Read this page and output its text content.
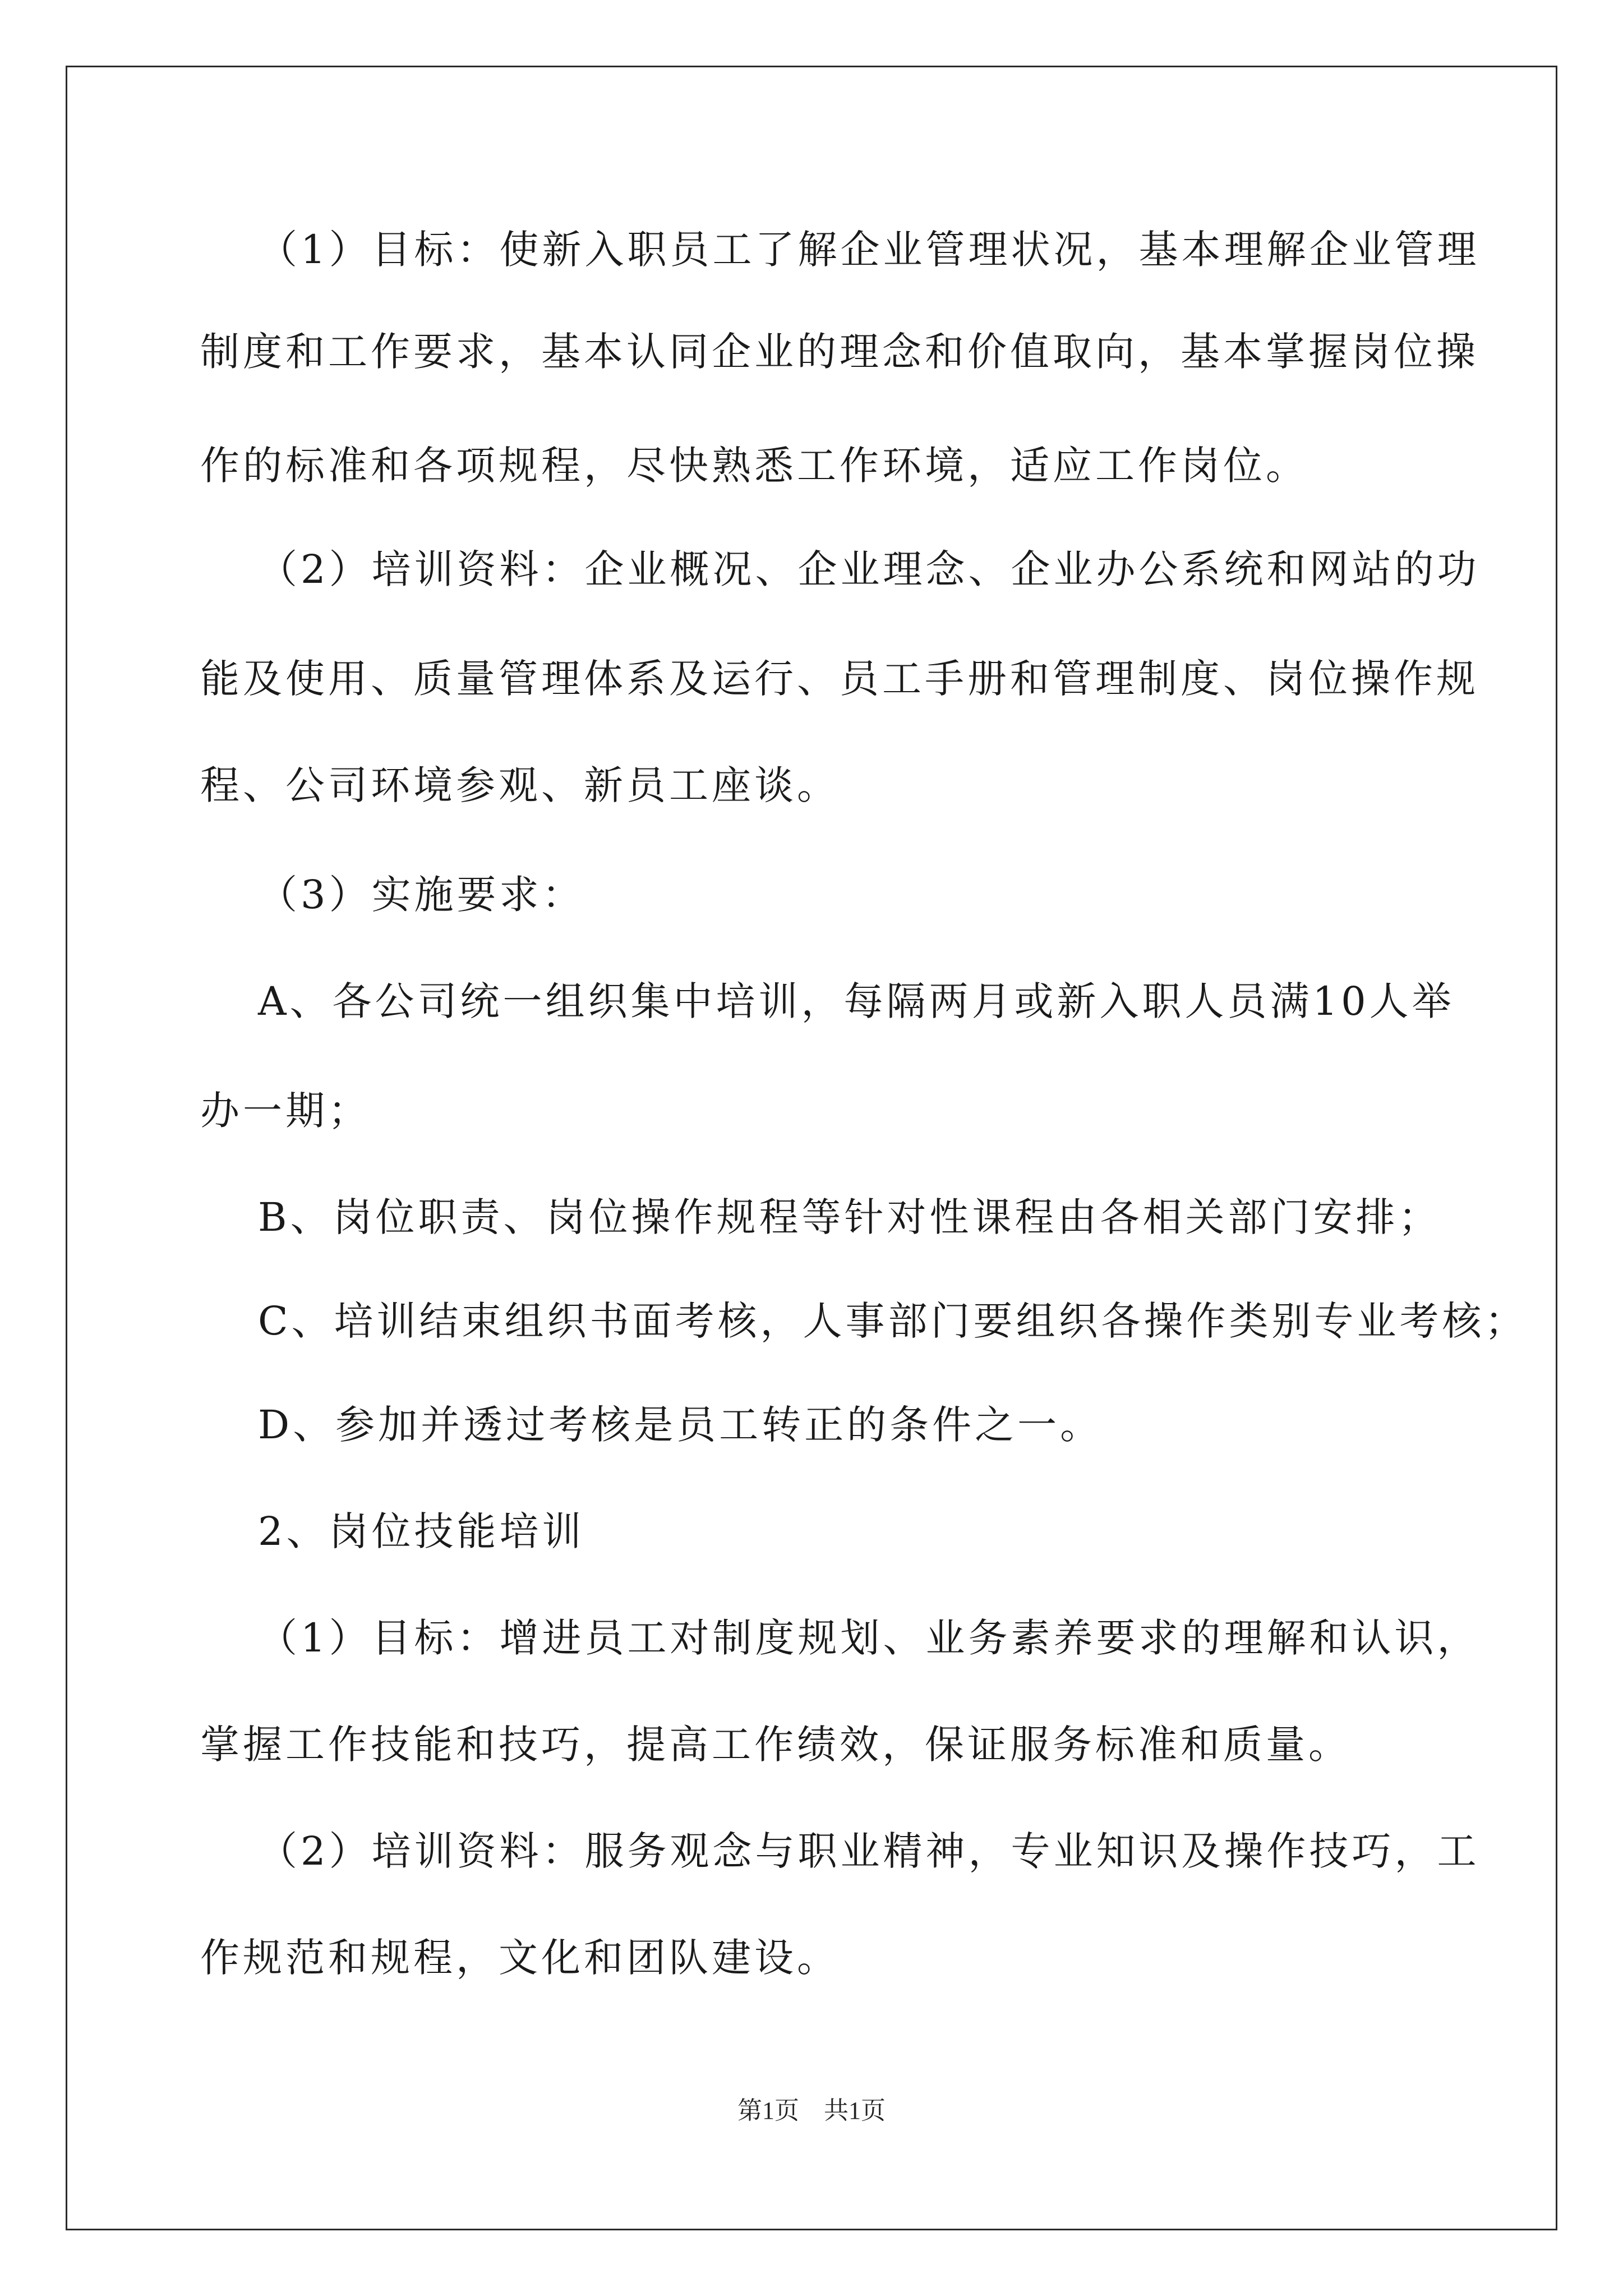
（1）目标：使新入职员工了解企业管理状况，基本理解企业管理
制度和工作要求，基本认同企业的理念和价值取向，基本掌握岗位操
作的标准和各项规程，尽快熟悉工作环境，适应工作岗位。
（2）培训资料：企业概况、企业理念、企业办公系统和网站的功
能及使用、质量管理体系及运行、员工手册和管理制度、岗位操作规
程、公司环境参观、新员工座谈。
（3）实施要求：
A、各公司统一组织集中培训，每隔两月或新入职人员满10人举
办一期；
B、岗位职责、岗位操作规程等针对性课程由各相关部门安排；
C、培训结束组织书面考核，人事部门要组织各操作类别专业考核；
D、参加并透过考核是员工转正的条件之一。
2、岗位技能培训
（1）目标：增进员工对制度规划、业务素养要求的理解和认识，
掌握工作技能和技巧，提高工作绩效，保证服务标准和质量。
（2）培训资料：服务观念与职业精神，专业知识及操作技巧，工
作规范和规程，文化和团队建设。
第1页　共1页
